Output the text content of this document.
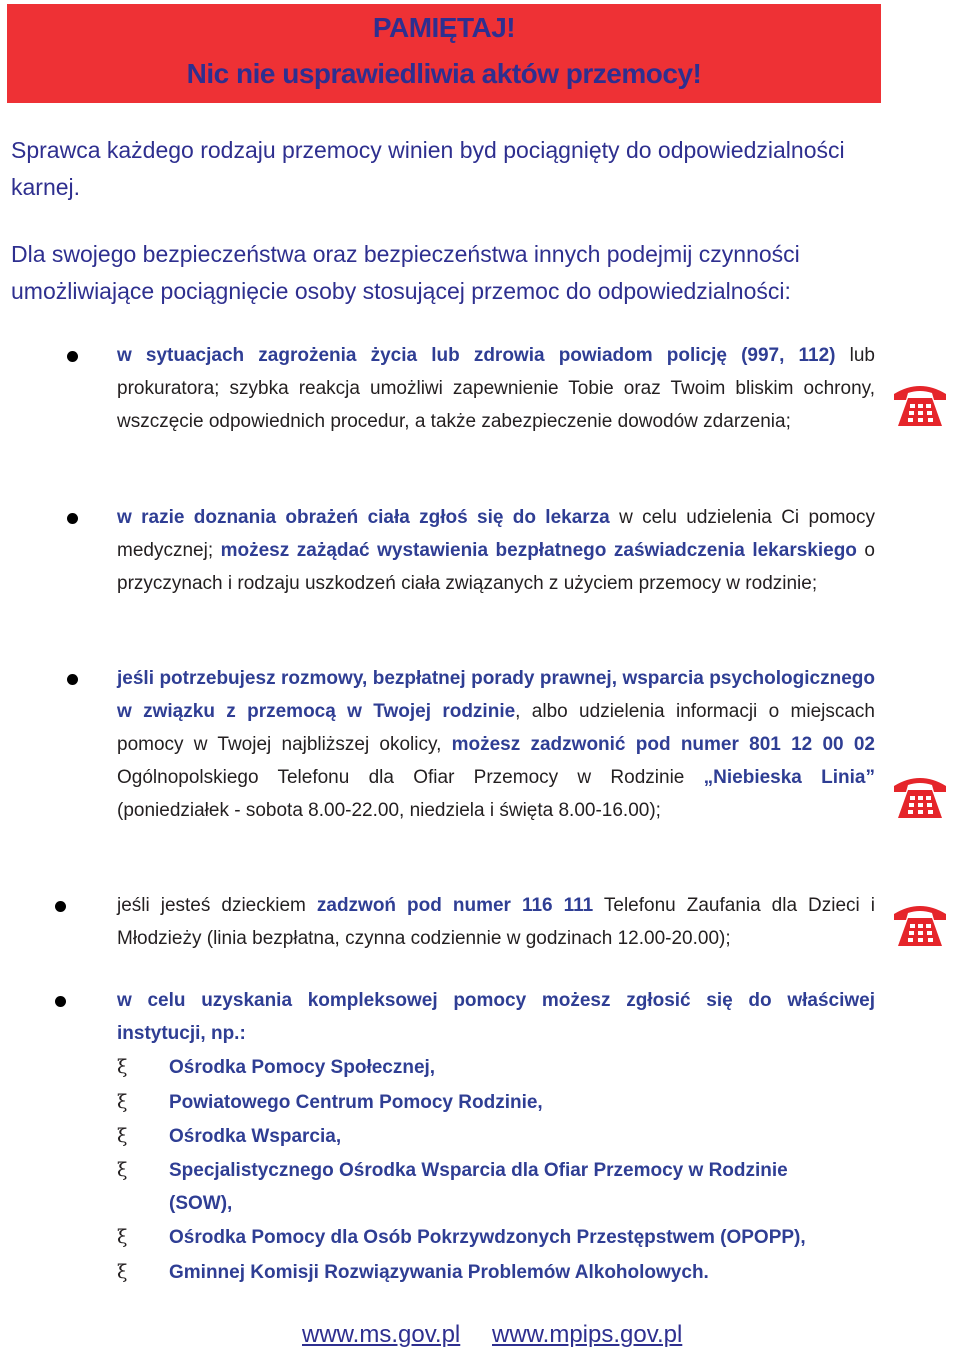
PAMIĘTAJ!
Nic nie usprawiedliwia aktów przemocy!

Sprawca każdego rodzaju przemocy winien byd pociągnięty do odpowiedzialności karnej.

Dla swojego bezpieczeństwa oraz bezpieczeństwa innych podejmij czynności umożliwiające pociągnięcie osoby stosującej przemoc do odpowiedzialności:

w sytuacjach zagrożenia życia lub zdrowia powiadom policję (997, 112) lub prokuratora; szybka reakcja umożliwi zapewnienie Tobie oraz Twoim bliskim ochrony, wszczęcie odpowiednich procedur, a także zabezpieczenie dowodów zdarzenia;

w razie doznania obrażeń ciała zgłoś się do lekarza w celu udzielenia Ci pomocy medycznej; możesz zażądać wystawienia bezpłatnego zaświadczenia lekarskiego o przyczynach i rodzaju uszkodzeń ciała związanych z użyciem przemocy w rodzinie;

jeśli potrzebujesz rozmowy, bezpłatnej porady prawnej, wsparcia psychologicznego w związku z przemocą w Twojej rodzinie, albo udzielenia informacji o miejscach pomocy w Twojej najbliższej okolicy, możesz zadzwonić pod numer 801 12 00 02 Ogólnopolskiego Telefonu dla Ofiar Przemocy w Rodzinie „Niebieska Linia” (poniedziałek - sobota 8.00-22.00, niedziela i święta 8.00-16.00);

jeśli jesteś dzieckiem zadzwoń pod numer 116 111 Telefonu Zaufania dla Dzieci i Młodzieży (linia bezpłatna, czynna codziennie w godzinach 12.00-20.00);

w celu uzyskania kompleksowej pomocy możesz zgłosić się do właściwej instytucji, np.:

ξ Ośrodka Pomocy Społecznej,

ξ Powiatowego Centrum Pomocy Rodzinie,

ξ Ośrodka Wsparcia,

ξ Specjalistycznego Ośrodka Wsparcia dla Ofiar Przemocy w Rodzinie

(SOW),

ξ Ośrodka Pomocy dla Osób Pokrzywdzonych Przestępstwem (OPOPP),

ξ Gminnej Komisji Rozwiązywania Problemów Alkoholowych.

www.ms.gov.pl www.mpips.gov.pl
